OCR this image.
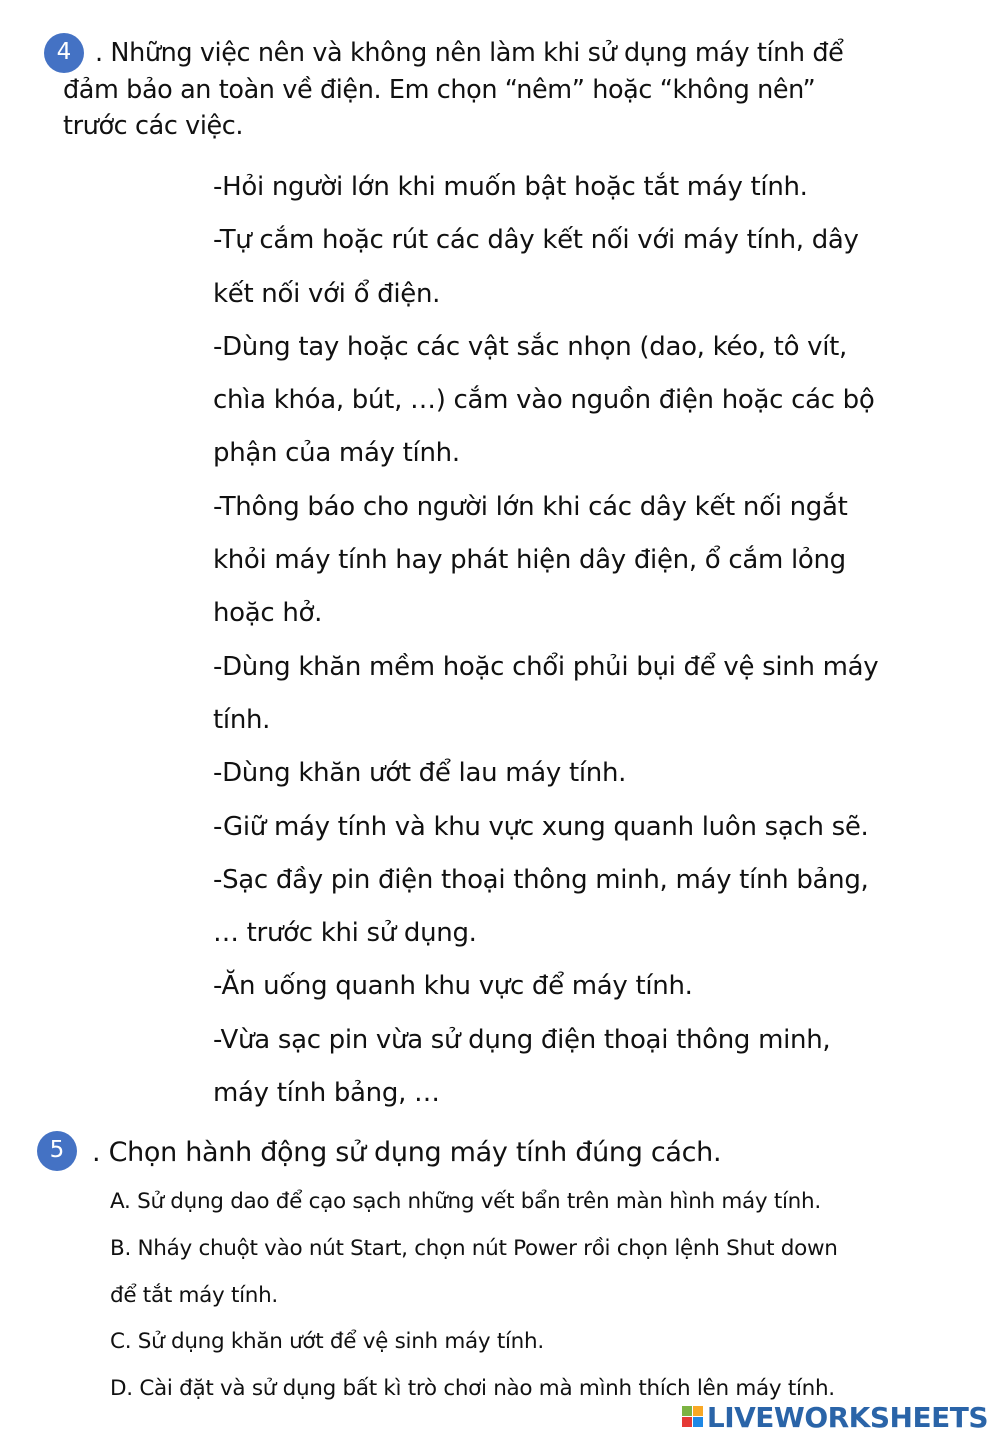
4 . Những việc nên và không nên làm khi sử dụng máy tính để
đảm bảo an toàn về điện. Em chọn “nêm” hoặc “không nên”
trước các việc.
-Hỏi người lớn khi muốn bật hoặc tắt máy tính.
-Tự cắm hoặc rút các dây kết nối với máy tính, dây
kết nối với ổ điện.
-Dùng tay hoặc các vật sắc nhọn (dao, kéo, tô vít,
chìa khóa, bút, …) cắm vào nguồn điện hoặc các bộ
phận của máy tính.
-Thông báo cho người lớn khi các dây kết nối ngắt
khỏi máy tính hay phát hiện dây điện, ổ cắm lỏng
hoặc hở.
-Dùng khăn mềm hoặc chổi phủi bụi để vệ sinh máy
tính.
-Dùng khăn ướt để lau máy tính.
-Giữ máy tính và khu vực xung quanh luôn sạch sẽ.
-Sạc đầy pin điện thoại thông minh, máy tính bảng,
… trước khi sử dụng.
-Ăn uống quanh khu vực để máy tính.
-Vừa sạc pin vừa sử dụng điện thoại thông minh,
máy tính bảng, …
5	. Chọn hành động sử dụng máy tính đúng cách.
A. Sử dụng dao để cạo sạch những vết bẩn trên màn hình máy tính.
B. Nháy chuột vào nút Start, chọn nút Power rồi chọn lệnh Shut down
để tắt máy tính.
C. Sử dụng khăn ướt để vệ sinh máy tính.
D. Cài đặt và sử dụng bất kì trò chơi nào mà mình thích lên máy tính.
LIVEWORKSHEETS
